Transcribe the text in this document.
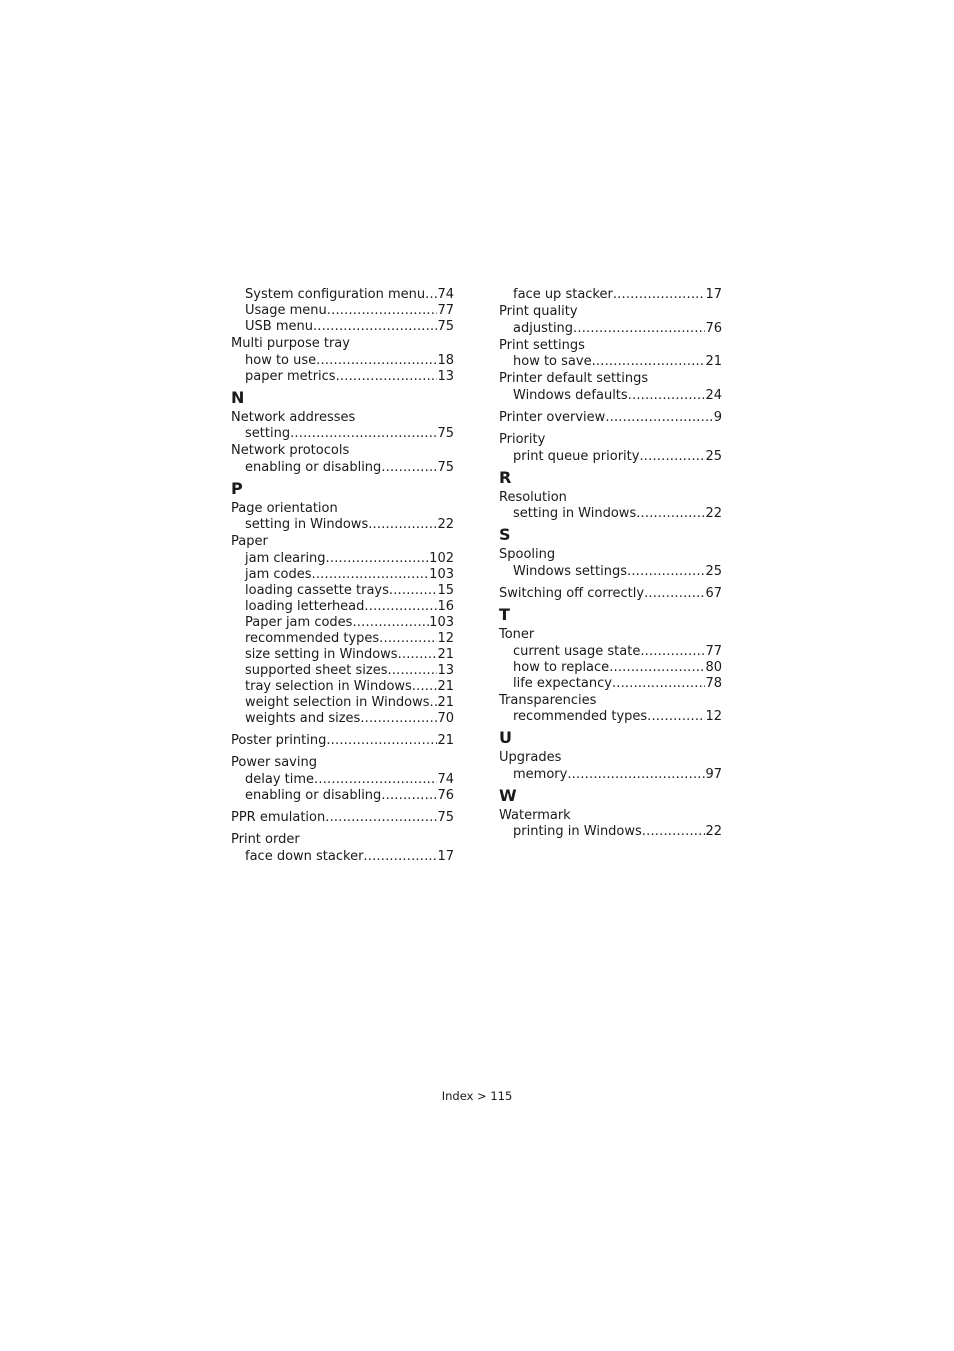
System configuration menu ..... 74
Usage menu .....	77
USB menu .....	75
Multi purpose tray
how to use .....	18
paper metrics .....	13
N
Network addresses
setting .....	75
Network protocols
enabling or disabling .....	75
P
Page orientation
setting in Windows .....	22
Paper
jam clearing .....	102
jam codes .....	103
loading cassette trays .....	15
loading letterhead .....	16
Paper jam codes .....	103
recommended types .....	12
size setting in Windows .....	21
supported sheet sizes .....	13
tray selection in Windows ..... 21
weight selection in Windows ..... 21
weights and sizes .....	70
Poster printing .....	21
Power saving
delay time .....	74
enabling or disabling .....	76
PPR emulation .....	75
Print order
face down stacker .....	17
face up stacker .....	17
Print quality
adjusting .....	76
Print settings
how to save .....	21
Printer default settings
Windows defaults .....	24
Printer overview .....	9
Priority
print queue priority .....	25
R
Resolution
setting in Windows .....	22
S
Spooling
Windows settings .....	25
Switching off correctly .....	67
T
Toner
current usage state .....	77
how to replace .....	80
life expectancy .....	78
Transparencies
recommended types .....	12
U
Upgrades
memory .....	97
W
Watermark
printing in Windows .....	22
Index > 115
